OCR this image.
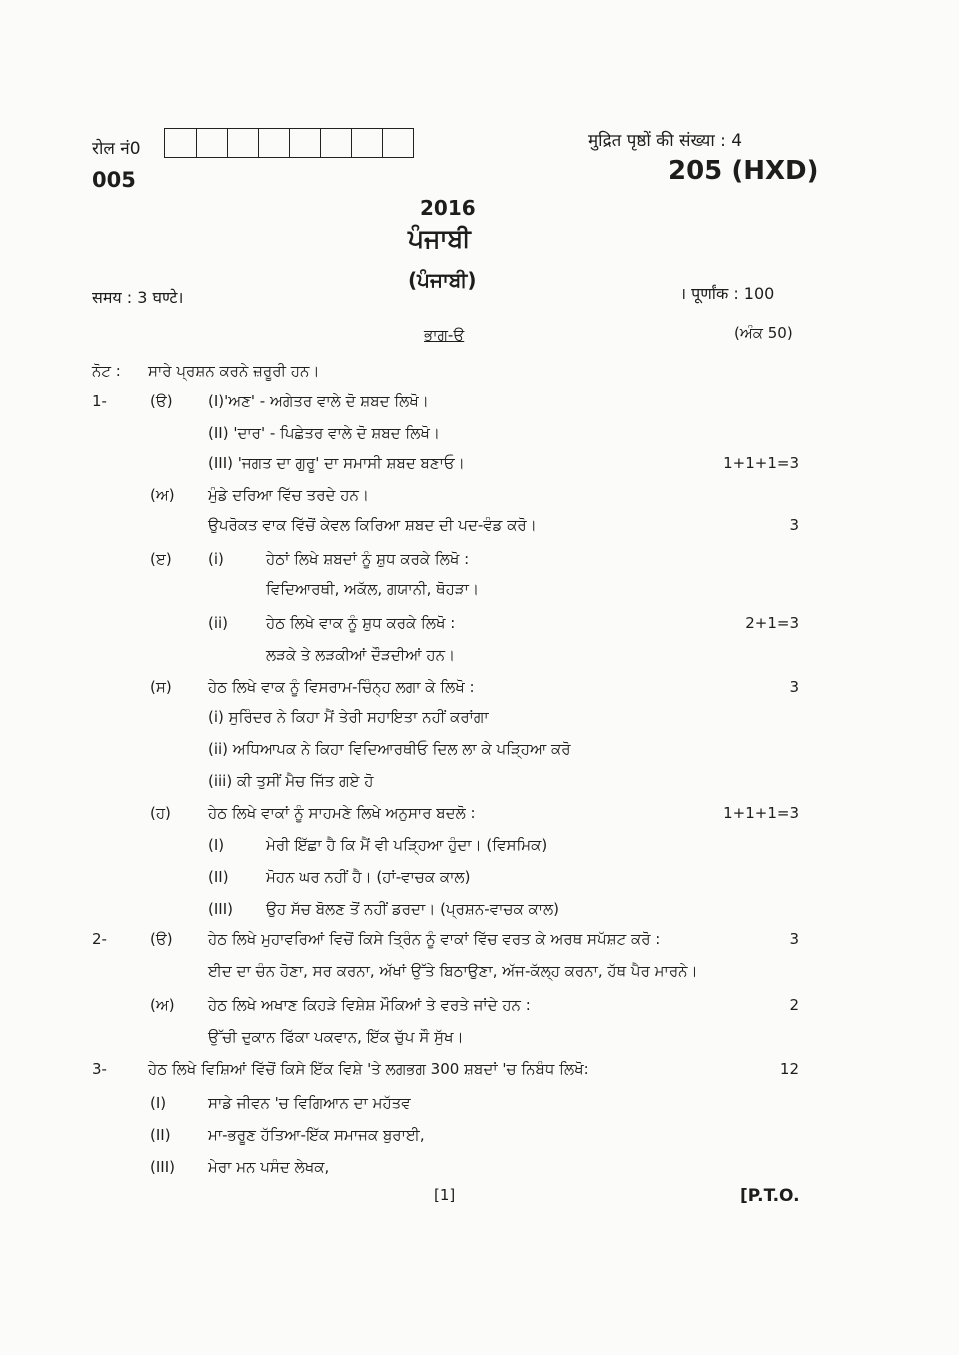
रोल नं0
005
मुद्रित पृष्ठों की संख्या : 4
205 (HXD)
2016
ਪੰਜਾਬੀ
(ਪੰਜਾਬੀ)
समय : 3 घण्टे।	। पूर्णांक : 100
ਭਾਗ-ੳ	(ਅੰਕ 50)
ਨੋਟ : ਸਾਰੇ ਪ੍ਰਸ਼ਨ ਕਰਨੇ ਜ਼ਰੂਰੀ ਹਨ।
1-	(ੳ) (I)'ਅਣ' - ਅਗੇਤਰ ਵਾਲੇ ਦੋ ਸ਼ਬਦ ਲਿਖੋ।
(II) 'ਦਾਰ' - ਪਿਛੇਤਰ ਵਾਲੇ ਦੋ ਸ਼ਬਦ ਲਿਖੋ।
(III) 'ਜਗਤ ਦਾ ਗੁਰੂ' ਦਾ ਸਮਾਸੀ ਸ਼ਬਦ ਬਣਾਓ।	1+1+1=3
(ਅ) ਮੁੰਡੇ ਦਰਿਆ ਵਿੱਚ ਤਰਦੇ ਹਨ।
ਉਪਰੋਕਤ ਵਾਕ ਵਿੱਚੋਂ ਕੇਵਲ ਕਿਰਿਆ ਸ਼ਬਦ ਦੀ ਪਦ-ਵੰਡ ਕਰੋ।	3
(ੲ) (i)	ਹੇਠਾਂ ਲਿਖੇ ਸ਼ਬਦਾਂ ਨੂੰ ਸ਼ੁਧ ਕਰਕੇ ਲਿਖੋ :
ਵਿਦਿਆਰਥੀ, ਅਕੱਲ, ਗਯਾਨੀ, ਥੋਹੜਾ।
(ii)	ਹੇਠ ਲਿਖੇ ਵਾਕ ਨੂੰ ਸ਼ੁਧ ਕਰਕੇ ਲਿਖੋ :	2+1=3
ਲੜਕੇ ਤੇ ਲੜਕੀਆਂ ਦੌੜਦੀਆਂ ਹਨ।
(ਸ) ਹੇਠ ਲਿਖੇ ਵਾਕ ਨੂੰ ਵਿਸਰਾਮ-ਚਿੰਨ੍ਹ ਲਗਾ ਕੇ ਲਿਖੋ :	3
(i) ਸੁਰਿੰਦਰ ਨੇ ਕਿਹਾ ਮੈਂ ਤੇਰੀ ਸਹਾਇਤਾ ਨਹੀਂ ਕਰਾਂਗਾ
(ii) ਅਧਿਆਪਕ ਨੇ ਕਿਹਾ ਵਿਦਿਆਰਥੀਓ ਦਿਲ ਲਾ ਕੇ ਪੜ੍ਹਿਆ ਕਰੋ
(iii) ਕੀ ਤੁਸੀਂ ਮੈਚ ਜਿੱਤ ਗਏ ਹੋ
(ਹ) ਹੇਠ ਲਿਖੇ ਵਾਕਾਂ ਨੂੰ ਸਾਹਮਣੇ ਲਿਖੇ ਅਨੁਸਾਰ ਬਦਲੋ :	1+1+1=3
(I)	ਮੇਰੀ ਇੱਛਾ ਹੈ ਕਿ ਮੈਂ ਵੀ ਪੜ੍ਹਿਆ ਹੁੰਦਾ। (ਵਿਸਮਿਕ)
(II) ਮੋਹਨ ਘਰ ਨਹੀਂ ਹੈ। (ਹਾਂ-ਵਾਚਕ ਕਾਲ)
(III) ਉਹ ਸੱਚ ਬੋਲਣ ਤੋਂ ਨਹੀਂ ਡਰਦਾ। (ਪ੍ਰਸ਼ਨ-ਵਾਚਕ ਕਾਲ)
2-	(ੳ) ਹੇਠ ਲਿਖੇ ਮੁਹਾਵਰਿਆਂ ਵਿਚੋਂ ਕਿਸੇ ਤ੍ਰਿੰਨ ਨੂੰ ਵਾਕਾਂ ਵਿੱਚ ਵਰਤ ਕੇ ਅਰਥ ਸਪੱਸ਼ਟ ਕਰੋ :	3
ਈਦ ਦਾ ਚੰਨ ਹੋਣਾ, ਸਰ ਕਰਨਾ, ਅੱਖਾਂ ਉੱਤੇ ਬਿਠਾਉਣਾ, ਅੱਜ-ਕੱਲ੍ਹ ਕਰਨਾ, ਹੱਥ ਪੈਰ ਮਾਰਨੇ।
(ਅ) ਹੇਠ ਲਿਖੇ ਅਖਾਣ ਕਿਹੜੇ ਵਿਸ਼ੇਸ਼ ਮੌਕਿਆਂ ਤੇ ਵਰਤੇ ਜਾਂਦੇ ਹਨ :	2
ਉੱਚੀ ਦੁਕਾਨ ਫਿੱਕਾ ਪਕਵਾਨ, ਇੱਕ ਚੁੱਪ ਸੌ ਸੁੱਖ।
3-	ਹੇਠ ਲਿਖੇ ਵਿਸ਼ਿਆਂ ਵਿੱਚੋਂ ਕਿਸੇ ਇੱਕ ਵਿਸ਼ੇ 'ਤੇ ਲਗਭਗ 300 ਸ਼ਬਦਾਂ 'ਚ ਨਿਬੰਧ ਲਿਖੋ:	12
(I)	ਸਾਡੇ ਜੀਵਨ 'ਚ ਵਿਗਿਆਨ ਦਾ ਮਹੱਤਵ
(II) ਮਾ-ਭਰੂਣ ਹੱਤਿਆ-ਇੱਕ ਸਮਾਜਕ ਬੁਰਾਈ,
(III) ਮੇਰਾ ਮਨ ਪਸੰਦ ਲੇਖਕ,
[1]	[P.T.O.
